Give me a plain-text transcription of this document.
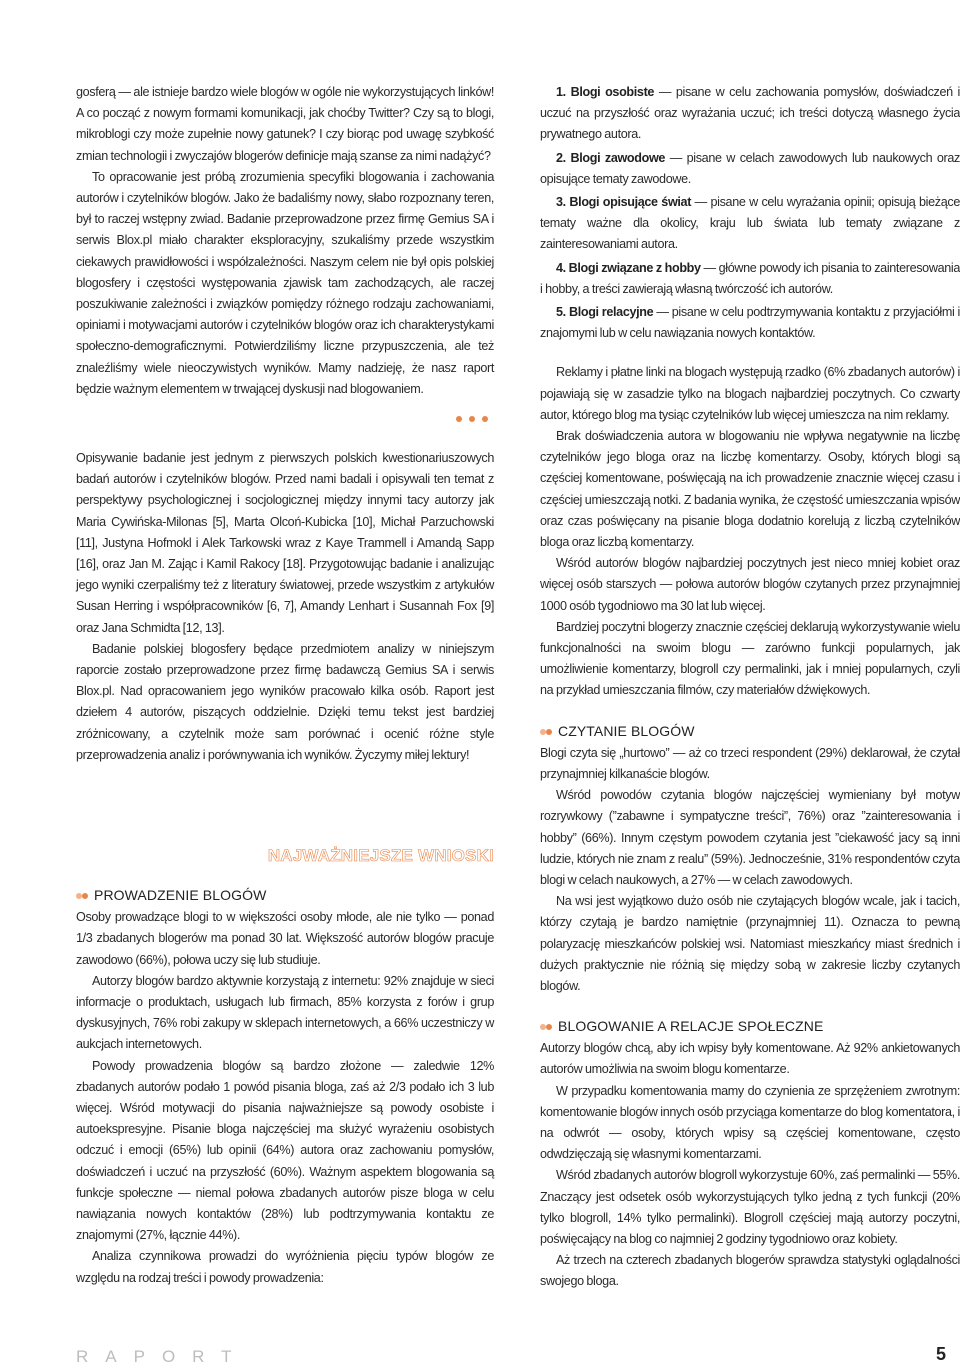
gosferą — ale istnieje bardzo wiele blogów w ogóle nie wykorzystujących linków! A co począć z nowym formami komunikacji, jak choćby Twitter? Czy są to blogi, mikroblogi czy może zupełnie nowy gatunek? I czy biorąc pod uwagę szybkość zmian technologii i zwyczajów blogerów definicje mają szanse za nimi nadążyć?

To opracowanie jest próbą zrozumienia specyfiki blogowania i zachowania autorów i czytelników blogów. Jako że badaliśmy nowy, słabo rozpoznany teren, był to raczej wstępny zwiad. Badanie przeprowadzone przez firmę Gemius SA i serwis Blox.pl miało charakter eksploracyjny, szukaliśmy przede wszystkim ciekawych prawidłowości i współzależności. Naszym celem nie był opis polskiej blogosfery i częstości występowania zjawisk tam zachodzących, ale raczej poszukiwanie zależności i związków pomiędzy różnego rodzaju zachowaniami, opiniami i motywacjami autorów i czytelników blogów oraz ich charakterystykami społeczno-demograficznymi. Potwierdziliśmy liczne przypuszczenia, ale też znaleźliśmy wiele nieoczywistych wyników. Mamy nadzieję, że nasz raport będzie ważnym elementem w trwającej dyskusji nad blogowaniem.

Opisywanie badanie jest jednym z pierwszych polskich kwestionariuszowych badań autorów i czytelników blogów. Przed nami badali i opisywali ten temat z perspektywy psychologicznej i socjologicznej między innymi tacy autorzy jak Maria Cywińska-Milonas [5], Marta Olcoń-Kubicka [10], Michał Parzuchowski [11], Justyna Hofmokl i Alek Tarkowski wraz z Kaye Trammell i Amandą Sapp [16], oraz Jan M. Zając i Kamil Rakocy [18]. Przygotowując badanie i analizując jego wyniki czerpaliśmy też z literatury światowej, przede wszystkim z artykułów Susan Herring i współpracowników [6, 7], Amandy Lenhart i Susannah Fox [9] oraz Jana Schmidta [12, 13].

Badanie polskiej blogosfery będące przedmiotem analizy w niniejszym raporcie zostało przeprowadzone przez firmę badawczą Gemius SA i serwis Blox.pl. Nad opracowaniem jego wyników pracowało kilka osób. Raport jest dziełem 4 autorów, piszących oddzielnie. Dzięki temu tekst jest bardziej zróżnicowany, a czytelnik może sam porównać i ocenić różne style przeprowadzenia analiz i porównywania ich wyników. Życzymy miłej lektury!

NAJWAŻNIEJSZE WNIOSKI
PROWADZENIE BLOGÓW

Osoby prowadzące blogi to w większości osoby młode, ale nie tylko — ponad 1/3 zbadanych blogerów ma ponad 30 lat. Większość autorów blogów pracuje zawodowo (66%), połowa uczy się lub studiuje.

Autorzy blogów bardzo aktywnie korzystają z internetu: 92% znajduje w sieci informacje o produktach, usługach lub firmach, 85% korzysta z forów i grup dyskusyjnych, 76% robi zakupy w sklepach internetowych, a 66% uczestniczy w aukcjach internetowych.

Powody prowadzenia blogów są bardzo złożone — zaledwie 12% zbadanych autorów podało 1 powód pisania bloga, zaś aż 2/3 podało ich 3 lub więcej. Wśród motywacji do pisania najważniejsze są powody osobiste i autoekspresyjne. Pisanie bloga najczęściej ma służyć wyrażeniu osobistych odczuć i emocji (65%) lub opinii (64%) autora oraz zachowaniu pomysłów, doświadczeń i uczuć na przyszłość (60%). Ważnym aspektem blogowania są funkcje społeczne — niemal połowa zbadanych autorów pisze bloga w celu nawiązania nowych kontaktów (28%) lub podtrzymywania kontaktu ze znajomymi (27%, łącznie 44%).

Analiza czynnikowa prowadzi do wyróżnienia pięciu typów blogów ze względu na rodzaj treści i powody prowadzenia:

1. Blogi osobiste — pisane w celu zachowania pomysłów, doświadczeń i uczuć na przyszłość oraz wyrażania uczuć; ich treści dotyczą własnego życia prywatnego autora.

2. Blogi zawodowe — pisane w celach zawodowych lub naukowych oraz opisujące tematy zawodowe.

3. Blogi opisujące świat — pisane w celu wyrażania opinii; opisują bieżące tematy ważne dla okolicy, kraju lub świata lub tematy związane z zainteresowaniami autora.

4. Blogi związane z hobby — główne powody ich pisania to zainteresowania i hobby, a treści zawierają własną twórczość ich autorów.

5. Blogi relacyjne — pisane w celu podtrzymywania kontaktu z przyjaciółmi i znajomymi lub w celu nawiązania nowych kontaktów.

Reklamy i płatne linki na blogach występują rzadko (6% zbadanych autorów) i pojawiają się w zasadzie tylko na blogach najbardziej poczytnych. Co czwarty autor, którego blog ma tysiąc czytelników lub więcej umieszcza na nim reklamy.

Brak doświadczenia autora w blogowaniu nie wpływa negatywnie na liczbę czytelników jego bloga oraz na liczbę komentarzy. Osoby, których blogi są częściej komentowane, poświęcają na ich prowadzenie znacznie więcej czasu i częściej umieszczają notki. Z badania wynika, że częstość umieszczania wpisów oraz czas poświęcany na pisanie bloga dodatnio korelują z liczbą czytelników bloga oraz liczbą komentarzy.

Wśród autorów blogów najbardziej poczytnych jest nieco mniej kobiet oraz więcej osób starszych — połowa autorów blogów czytanych przez przynajmniej 1000 osób tygodniowo ma 30 lat lub więcej.

Bardziej poczytni blogerzy znacznie częściej deklarują wykorzystywanie wielu funkcjonalności na swoim blogu — zarówno funkcji popularnych, jak umożliwienie komentarzy, blogroll czy permalinki, jak i mniej popularnych, czyli na przykład umieszczania filmów, czy materiałów dźwiękowych.

CZYTANIE BLOGÓW

Blogi czyta się „hurtowo” — aż co trzeci respondent (29%) deklarował, że czytał przynajmniej kilkanaście blogów.

Wśród powodów czytania blogów najczęściej wymieniany był motyw rozrywkowy (”zabawne i sympatyczne treści”, 76%) oraz ”zainteresowania i hobby” (66%). Innym częstym powodem czytania jest ”ciekawość jacy są inni ludzie, których nie znam z realu” (59%). Jednocześnie, 31% respondentów czyta blogi w celach naukowych, a 27% — w celach zawodowych.

Na wsi jest wyjątkowo dużo osób nie czytających blogów wcale, jak i tacich, którzy czytają je bardzo namiętnie (przynajmniej 11). Oznacza to pewną polaryzację mieszkańców polskiej wsi. Natomiast mieszkańcy miast średnich i dużych praktycznie nie różnią się między sobą w zakresie liczby czytanych blogów.

BLOGOWANIE A RELACJE SPOŁECZNE

Autorzy blogów chcą, aby ich wpisy były komentowane. Aż 92% ankietowanych autorów umożliwia na swoim blogu komentarze.

W przypadku komentowania mamy do czynienia ze sprzężeniem zwrotnym: komentowanie blogów innych osób przyciąga komentarze do blog komentatora, i na odwrót — osoby, których wpisy są częściej komentowane, często odwdzięczają się własnymi komentarzami.

Wśród zbadanych autorów blogroll wykorzystuje 60%, zaś permalinki — 55%. Znaczący jest odsetek osób wykorzystujących tylko jedną z tych funkcji (20% tylko blogroll, 14% tylko permalinki). Blogroll częściej mają autorzy poczytni, poświęcający na blog co najmniej 2 godziny tygodniowo oraz kobiety.

Aż trzech na czterech zbadanych blogerów sprawdza statystyki oglądalności swojego bloga.

RAPORT	5
